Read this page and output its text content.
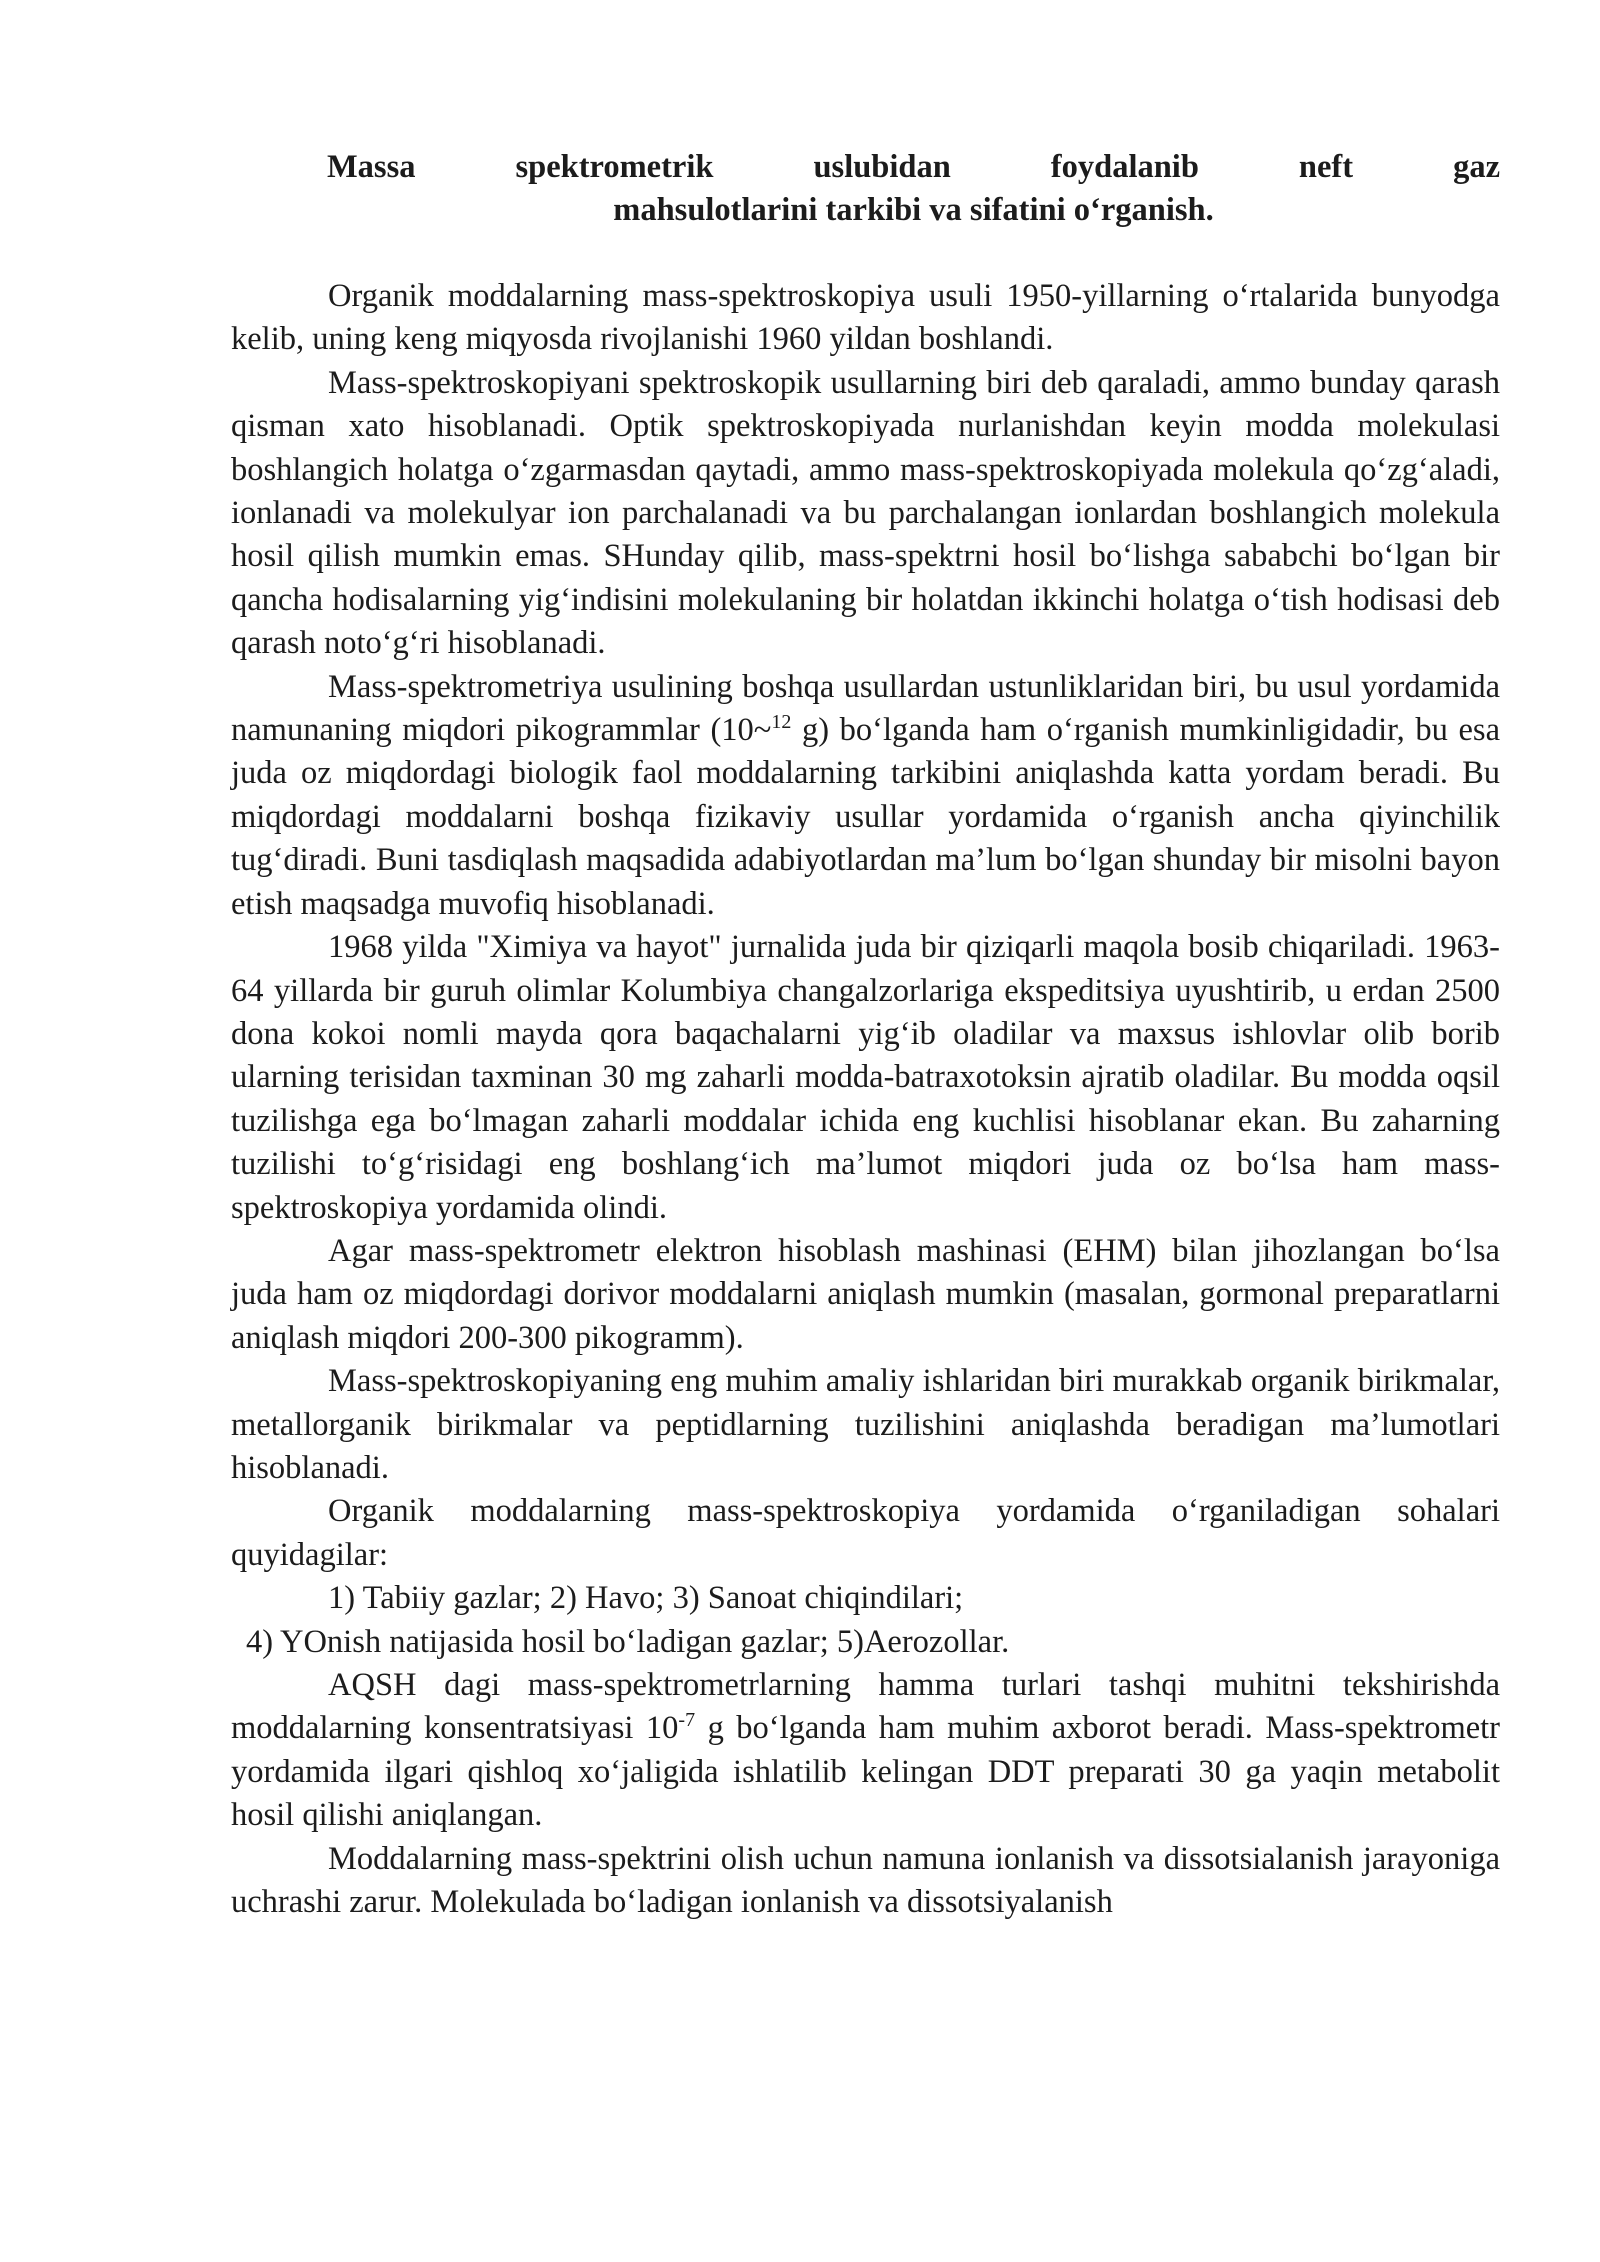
Massa spektrometrik uslubidan foydalanib neft gaz
mahsulotlarini tarkibi va sifatini o‘rganish.

Organik moddalarning mass-spektroskopiya usuli 1950-yillarning o‘rtalarida bunyodga kelib, uning keng miqyosda rivojlanishi 1960 yildan boshlandi.

Mass-spektroskopiyani spektroskopik usullarning biri deb qaraladi, ammo bunday qarash qisman xato hisoblanadi. Optik spektroskopiyada nurlanishdan keyin modda molekulasi boshlangich holatga o‘zgarmasdan qaytadi, ammo mass-spektroskopiyada molekula qo‘zg‘aladi, ionlanadi va molekulyar ion parchalanadi va bu parchalangan ionlardan boshlangich molekula hosil qilish mumkin emas. SHunday qilib, mass-spektrni hosil bo‘lishga sababchi bo‘lgan bir qancha hodisalarning yig‘indisini molekulaning bir holatdan ikkinchi holatga o‘tish hodisasi deb qarash noto‘g‘ri hisoblanadi.

Mass-spektrometriya usulining boshqa usullardan ustunliklaridan biri, bu usul yordamida namunaning miqdori pikogrammlar (10~$^{12}$ g) bo‘lganda ham o‘rganish mumkinligidadir, bu esa juda oz miqdordagi biologik faol moddalarning tarkibini aniqlashda katta yordam beradi. Bu miqdordagi moddalarni boshqa fizikaviy usullar yordamida o‘rganish ancha qiyinchilik tug‘diradi. Buni tasdiqlash maqsadida adabiyotlardan ma’lum bo‘lgan shunday bir misolni bayon etish maqsadga muvofiq hisoblanadi.

1968 yilda "Ximiya va hayot" jurnalida juda bir qiziqarli maqola bosib chiqariladi. 1963-64 yillarda bir guruh olimlar Kolumbiya changalzorlariga ekspeditsiya uyushtirib, u erdan 2500 dona kokoi nomli mayda qora baqachalarni yig‘ib oladilar va maxsus ishlovlar olib borib ularning terisidan taxminan 30 mg zaharli modda-batraxotoksin ajratib oladilar. Bu modda oqsil tuzilishga ega bo‘lmagan zaharli moddalar ichida eng kuchlisi hisoblanar ekan. Bu zaharning tuzilishi to‘g‘risidagi eng boshlang‘ich ma’lumot miqdori juda oz bo‘lsa ham mass-spektroskopiya yordamida olindi.

Agar mass-spektrometr elektron hisoblash mashinasi (EHM) bilan jihozlangan bo‘lsa juda ham oz miqdordagi dorivor moddalarni aniqlash mumkin (masalan, gormonal preparatlarni aniqlash miqdori 200-300 pikogramm).

Mass-spektroskopiyaning eng muhim amaliy ishlaridan biri murakkab organik birikmalar, metallorganik birikmalar va peptidlarning tuzilishini aniqlashda beradigan ma’lumotlari hisoblanadi.

Organik moddalarning mass-spektroskopiya yordamida o‘rganiladigan sohalari quyidagilar:

1) Tabiiy gazlar; 2) Havo; 3) Sanoat chiqindilari;

4) YOnish natijasida hosil bo‘ladigan gazlar; 5)Aerozollar.

AQSH dagi mass-spektrometrlarning hamma turlari tashqi muhitni tekshirishda moddalarning konsentratsiyasi $10^{-7}$ g bo‘lganda ham muhim axborot beradi. Mass-spektrometr yordamida ilgari qishloq xo‘jaligida ishlatilib kelingan DDT preparati 30 ga yaqin metabolit hosil qilishi aniqlangan.

Moddalarning mass-spektrini olish uchun namuna ionlanish va dissotsialanish jarayoniga uchrashi zarur. Molekulada bo‘ladigan ionlanish va dissotsiyalanish
